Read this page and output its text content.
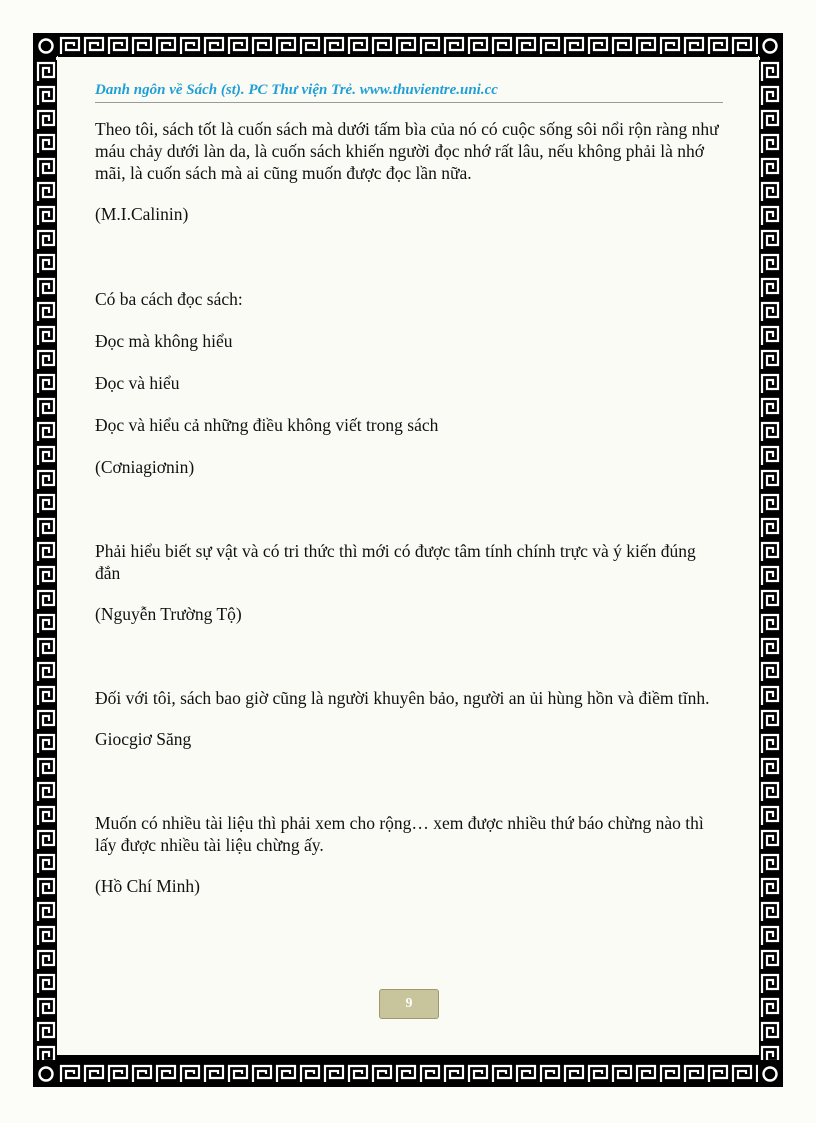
Danh ngôn về Sách (st). PC Thư viện Trẻ. www.thuvientre.uni.cc

Theo tôi, sách tốt là cuốn sách mà dưới tấm bìa của nó có cuộc sống sôi nổi rộn ràng như máu chảy dưới làn da, là cuốn sách khiến người đọc nhớ rất lâu, nếu không phải là nhớ mãi, là cuốn sách mà ai cũng muốn được đọc lần nữa.

(M.I.Calinin)

Có ba cách đọc sách:

Đọc mà không hiểu

Đọc và hiểu

Đọc và hiểu cả những điều không viết trong sách

(Cơniagiơnin)

Phải hiểu biết sự vật và có tri thức thì mới có được tâm tính chính trực và ý kiến đúng đắn

(Nguyễn Trường Tộ)

Đối với tôi, sách bao giờ cũng là người khuyên bảo, người an ủi hùng hồn và điềm tĩnh.

Giocgiơ Săng

Muốn có nhiều tài liệu thì phải xem cho rộng… xem được nhiều thứ báo chừng nào thì lấy được nhiều tài liệu chừng ấy.

(Hồ Chí Minh)

9
